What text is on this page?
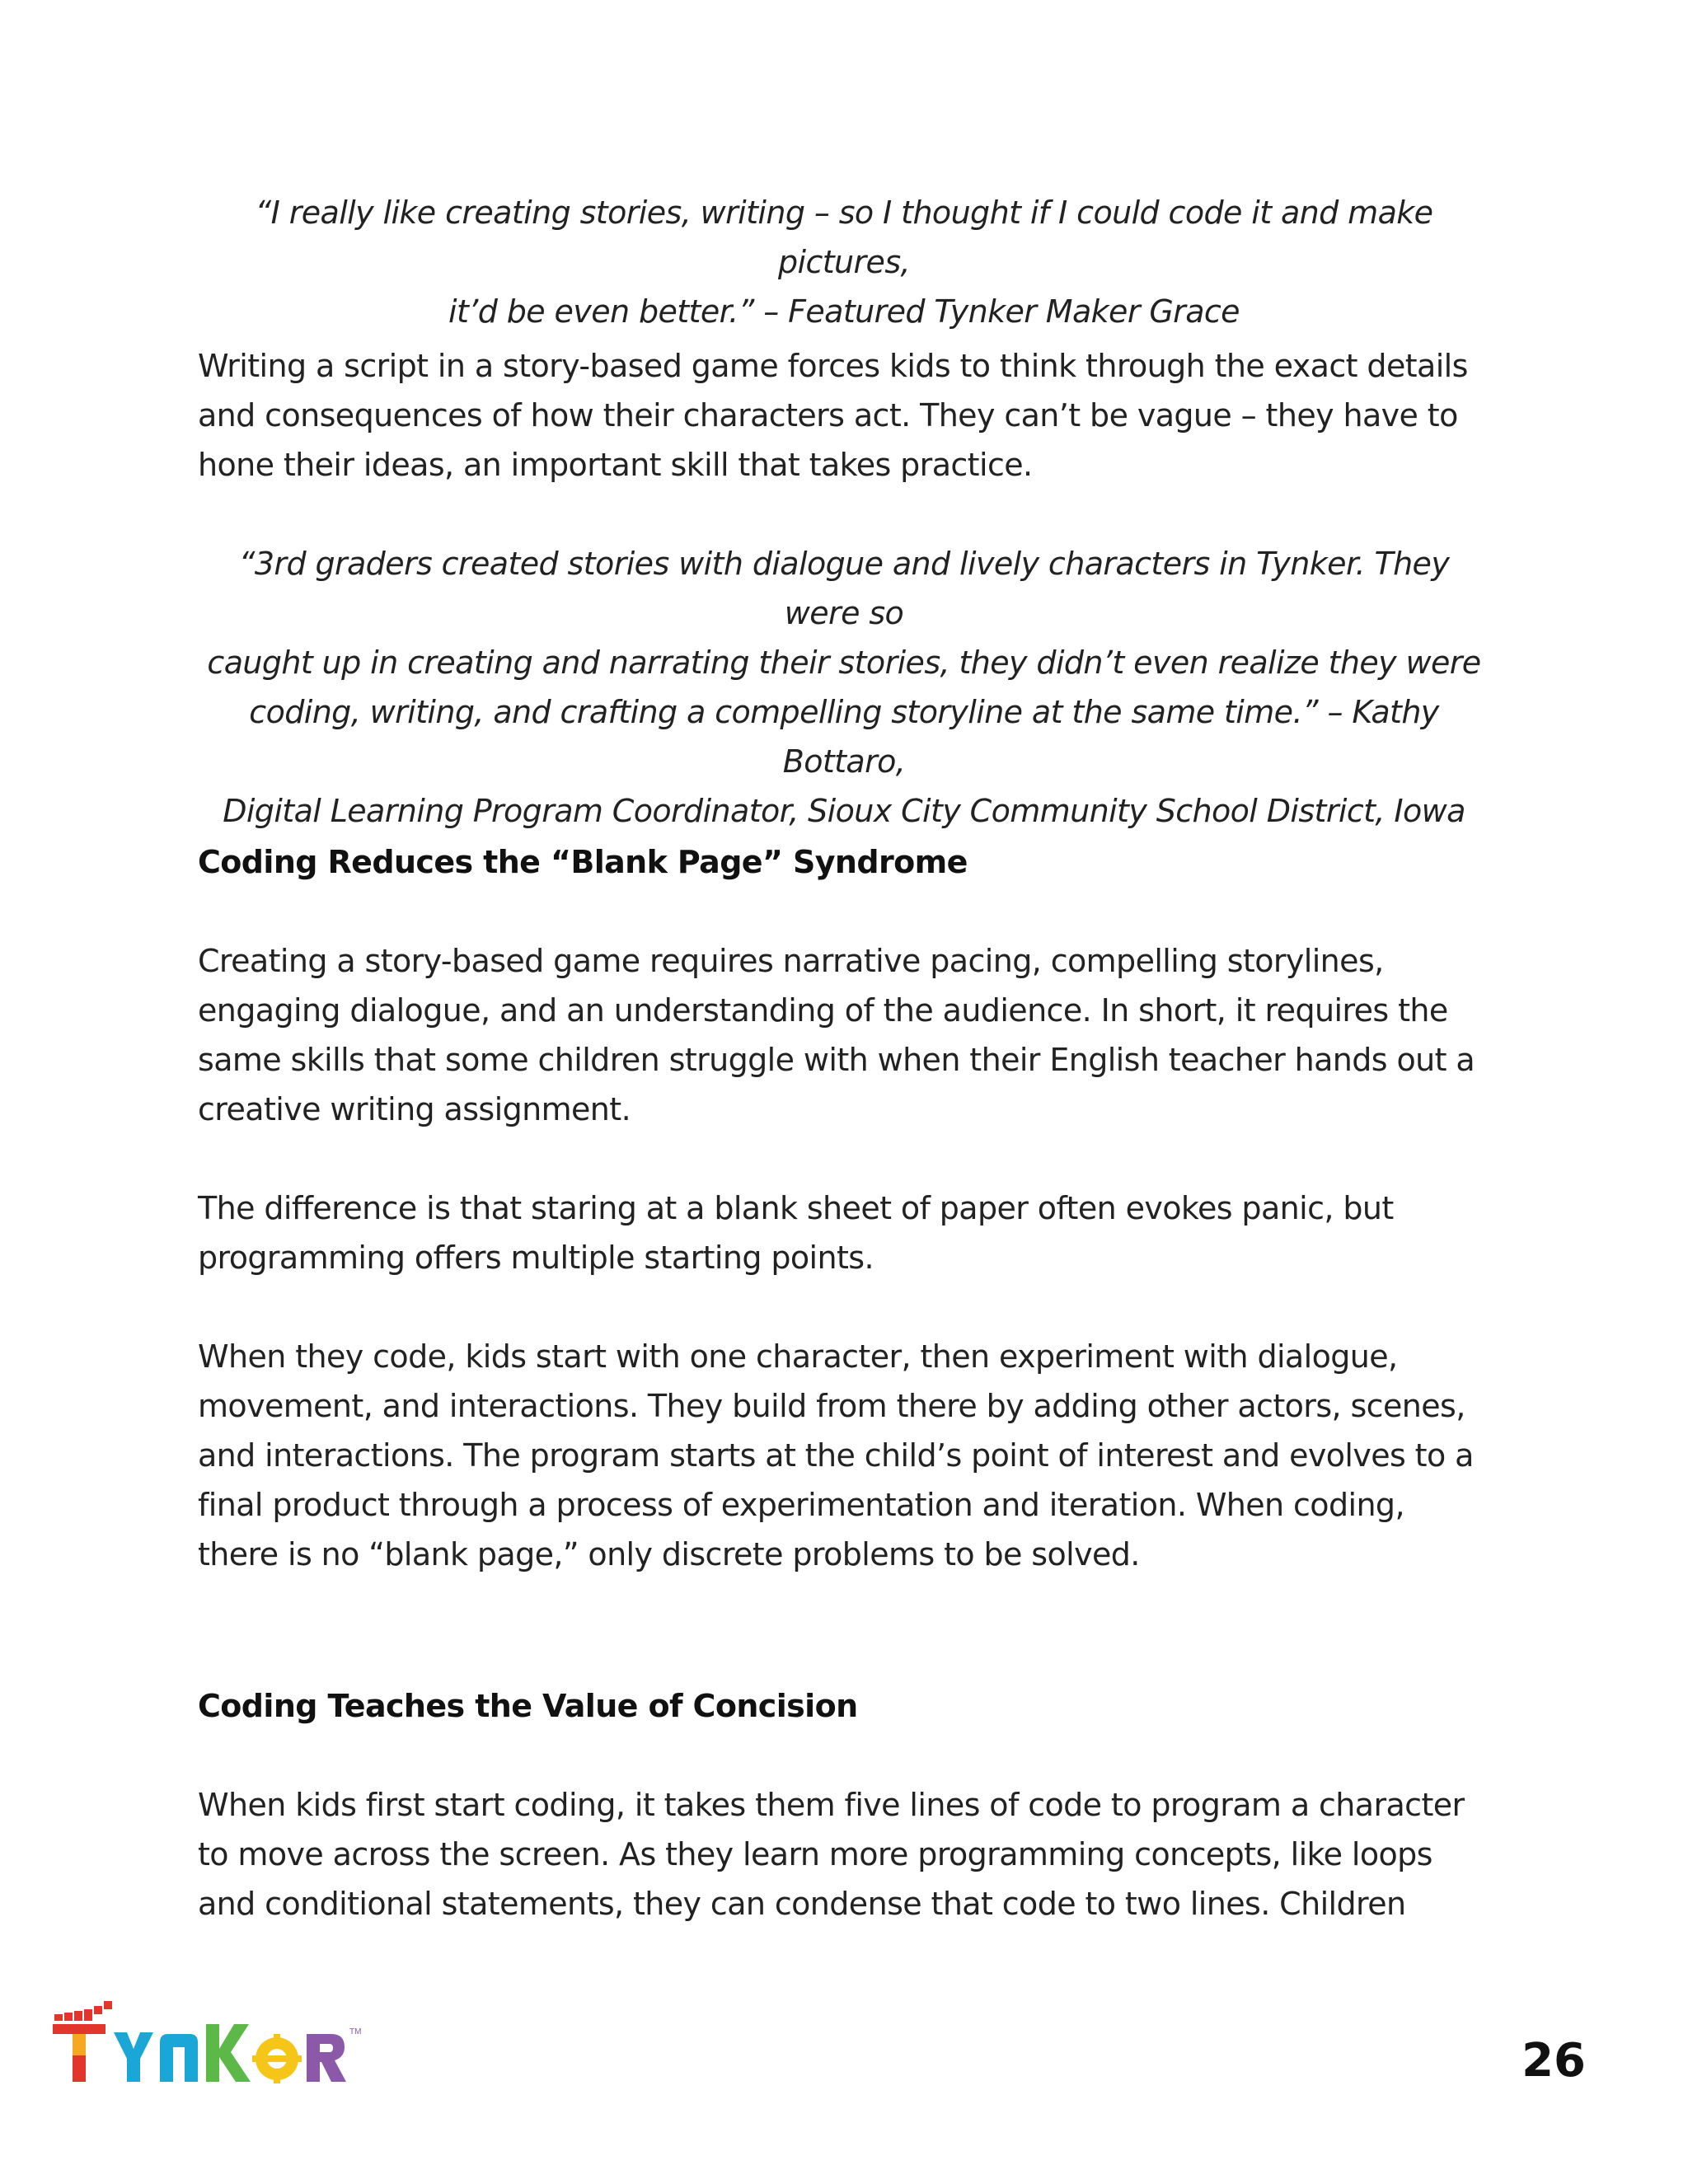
“I really like creating stories, writing – so I thought if I could code it and make pictures,
it’d be even better.” – Featured Tynker Maker Grace

Writing a script in a story-based game forces kids to think through the exact details
and consequences of how their characters act. They can’t be vague – they have to
hone their ideas, an important skill that takes practice.

“3rd graders created stories with dialogue and lively characters in Tynker. They were so
caught up in creating and narrating their stories, they didn’t even realize they were
coding, writing, and crafting a compelling storyline at the same time.” – Kathy Bottaro,
Digital Learning Program Coordinator, Sioux City Community School District, Iowa

Coding Reduces the “Blank Page” Syndrome

Creating a story-based game requires narrative pacing, compelling storylines,
engaging dialogue, and an understanding of the audience. In short, it requires the
same skills that some children struggle with when their English teacher hands out a
creative writing assignment.

The difference is that staring at a blank sheet of paper often evokes panic, but
programming offers multiple starting points.

When they code, kids start with one character, then experiment with dialogue,
movement, and interactions. They build from there by adding other actors, scenes,
and interactions. The program starts at the child’s point of interest and evolves to a
final product through a process of experimentation and iteration. When coding,
there is no “blank page,” only discrete problems to be solved.

Coding Teaches the Value of Concision

When kids first start coding, it takes them five lines of code to program a character
to move across the screen. As they learn more programming concepts, like loops
and conditional statements, they can condense that code to two lines. Children

TM

26
